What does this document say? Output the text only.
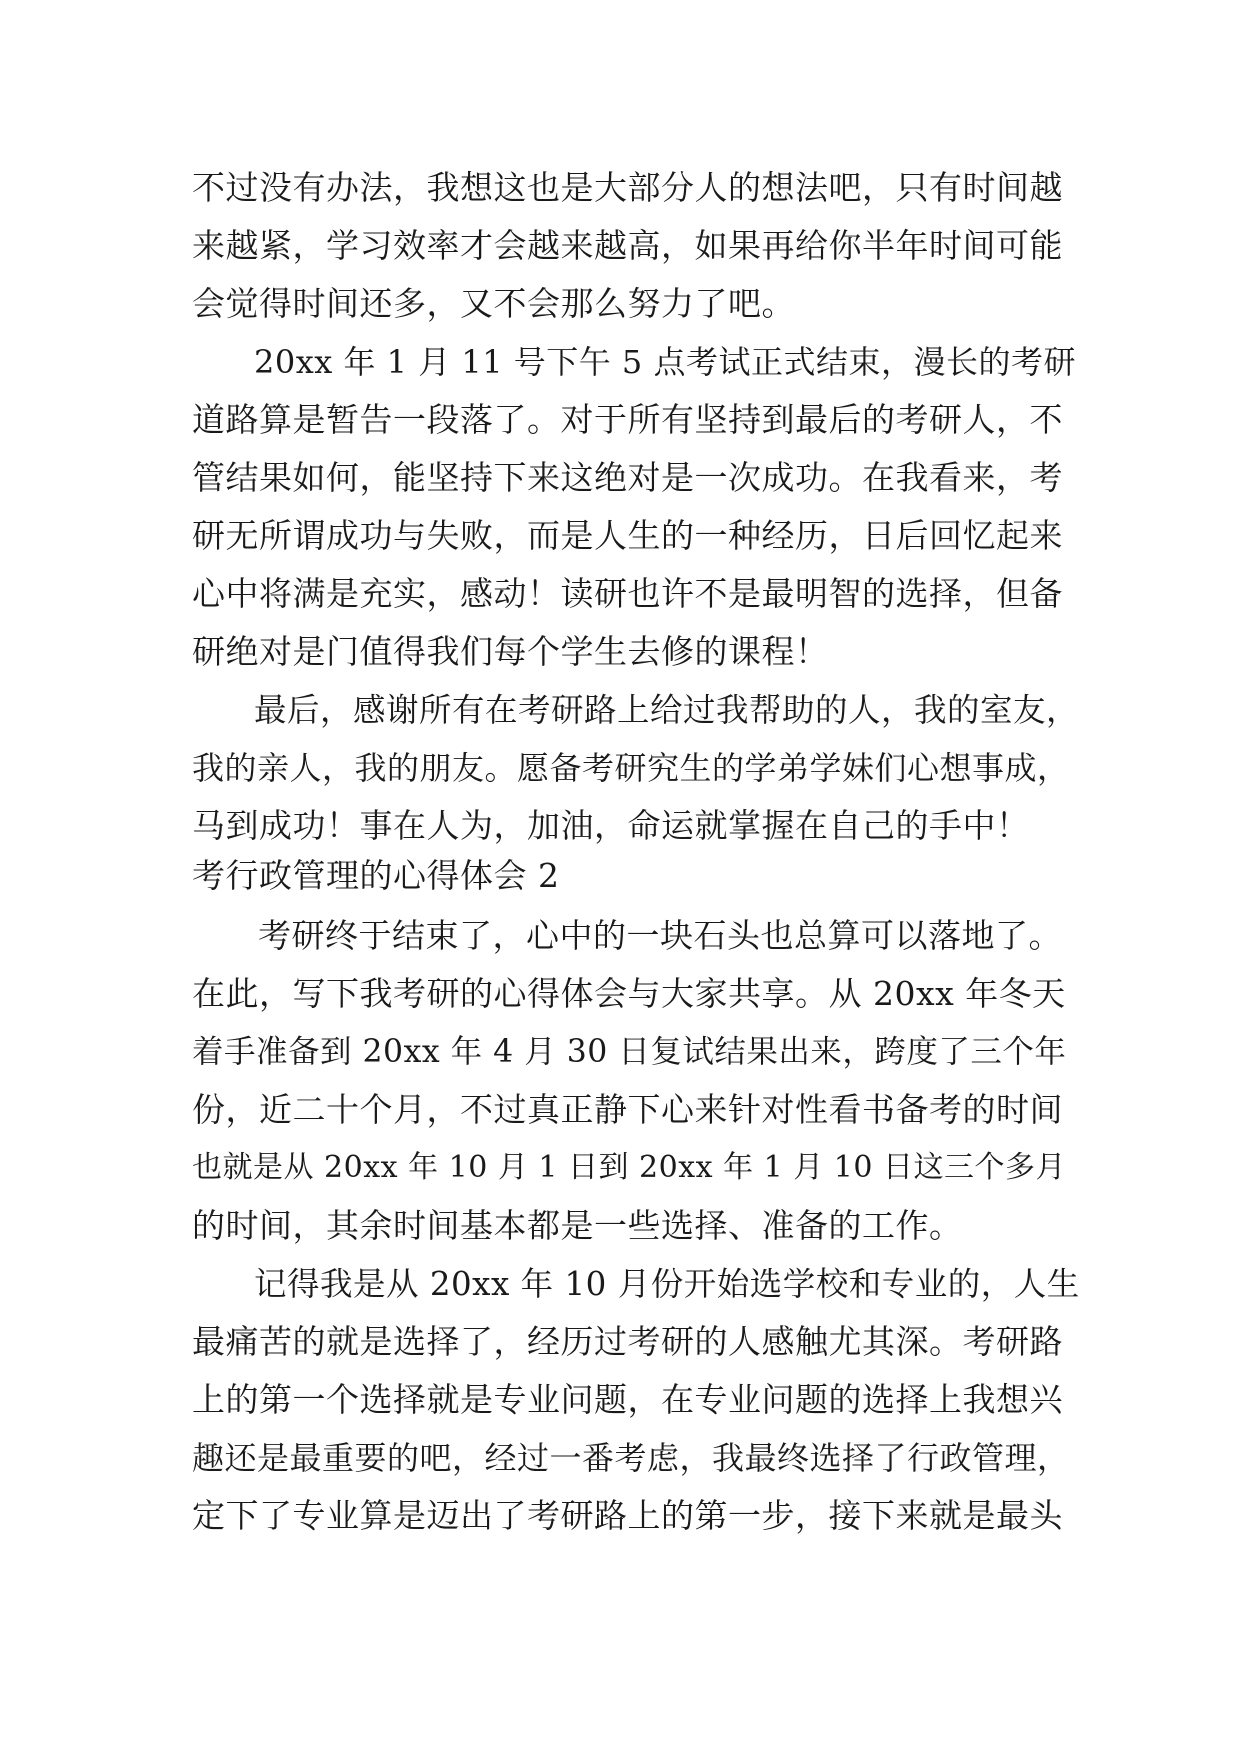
不过没有办法，我想这也是大部分人的想法吧，只有时间越
来越紧，学习效率才会越来越高，如果再给你半年时间可能
会觉得时间还多，又不会那么努力了吧。
20xx 年 1 月 11 号下午 5 点考试正式结束，漫长的考研
道路算是暂告一段落了。对于所有坚持到最后的考研人，不
管结果如何，能坚持下来这绝对是一次成功。在我看来，考
研无所谓成功与失败，而是人生的一种经历，日后回忆起来
心中将满是充实，感动！读研也许不是最明智的选择，但备
研绝对是门值得我们每个学生去修的课程！
最后，感谢所有在考研路上给过我帮助的人，我的室友，
我的亲人，我的朋友。愿备考研究生的学弟学妹们心想事成，
马到成功！事在人为，加油，命运就掌握在自己的手中！
考行政管理的心得体会 2
考研终于结束了，心中的一块石头也总算可以落地了。
在此，写下我考研的心得体会与大家共享。从 20xx 年冬天
着手准备到 20xx 年 4 月 30 日复试结果出来，跨度了三个年
份，近二十个月，不过真正静下心来针对性看书备考的时间
也就是从 20xx 年 10 月 1 日到 20xx 年 1 月 10 日这三个多月
的时间，其余时间基本都是一些选择、准备的工作。
记得我是从 20xx 年 10 月份开始选学校和专业的，人生
最痛苦的就是选择了，经历过考研的人感触尤其深。考研路
上的第一个选择就是专业问题，在专业问题的选择上我想兴
趣还是最重要的吧，经过一番考虑，我最终选择了行政管理，
定下了专业算是迈出了考研路上的第一步，接下来就是最头
